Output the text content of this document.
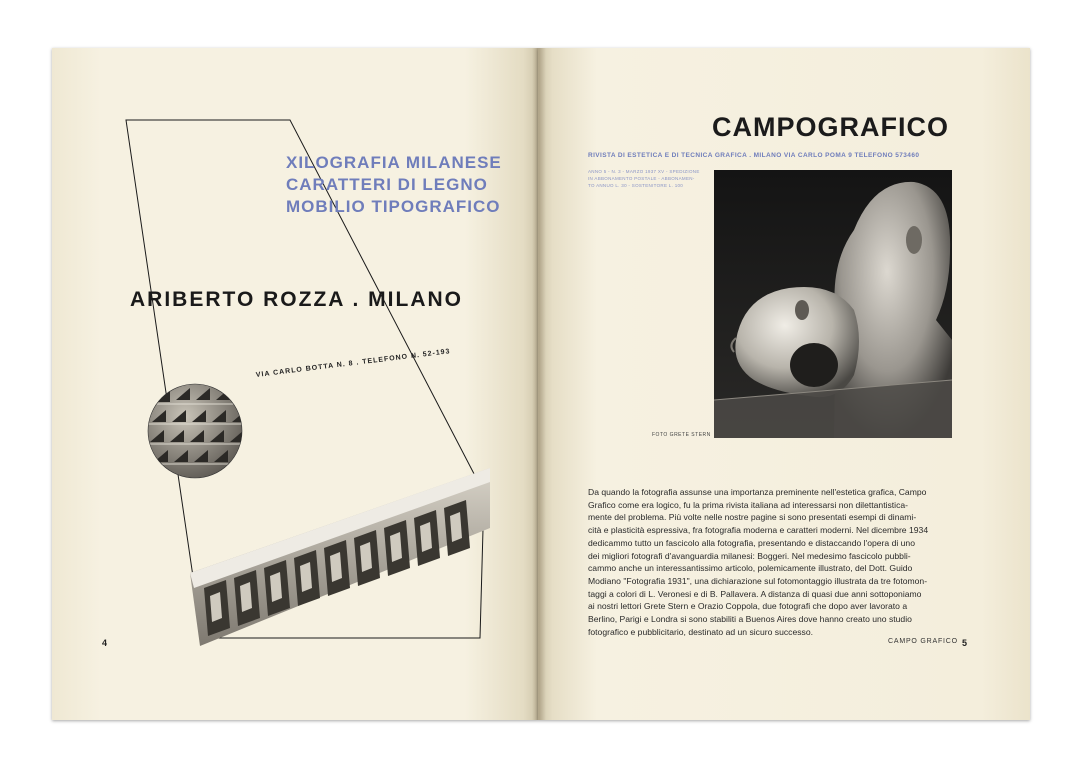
XILOGRAFIA MILANESE
CARATTERI DI LEGNO
MOBILIO TIPOGRAFICO
ARIBERTO ROZZA . MILANO
VIA CARLO BOTTA N. 8 . TELEFONO N. 52-193
4
CAMPOGRAFICO
RIVISTA DI ESTETICA E DI TECNICA GRAFICA . MILANO VIA CARLO POMA 9 TELEFONO 573460
ANNO 5 - N. 3 - MARZO 1937 XV - SPEDIZIONE
IN ABBONAMENTO POSTALE - ABBONAMEN-
TO ANNUO L. 30 - SOSTENITORE L. 100
FOTO GRETE STERN

Da quando la fotografia assunse una importanza preminente nell'estetica grafica, Campo

Grafico come era logico, fu la prima rivista italiana ad interessarsi non dilettantistica-

mente del problema. Più volte nelle nostre pagine si sono presentati esempi di dinami-

cità e plasticità espressiva, fra fotografia moderna e caratteri moderni. Nel dicembre 1934

dedicammo tutto un fascicolo alla fotografia, presentando e distaccando l'opera di uno

dei migliori fotografi d'avanguardia milanesi: Boggeri. Nel medesimo fascicolo pubbli-

cammo anche un interessantissimo articolo, polemicamente illustrato, del Dott. Guido

Modiano "Fotografia 1931", una dichiarazione sul fotomontaggio illustrata da tre fotomon-

taggi a colori di L. Veronesi e di B. Pallavera. A distanza di quasi due anni sottoponiamo

ai nostri lettori Grete Stern e Orazio Coppola, due fotografi che dopo aver lavorato a

Berlino, Parigi e Londra si sono stabiliti a Buenos Aires dove hanno creato uno studio

fotografico e pubblicitario, destinato ad un sicuro successo.

CAMPO GRAFICO 5
